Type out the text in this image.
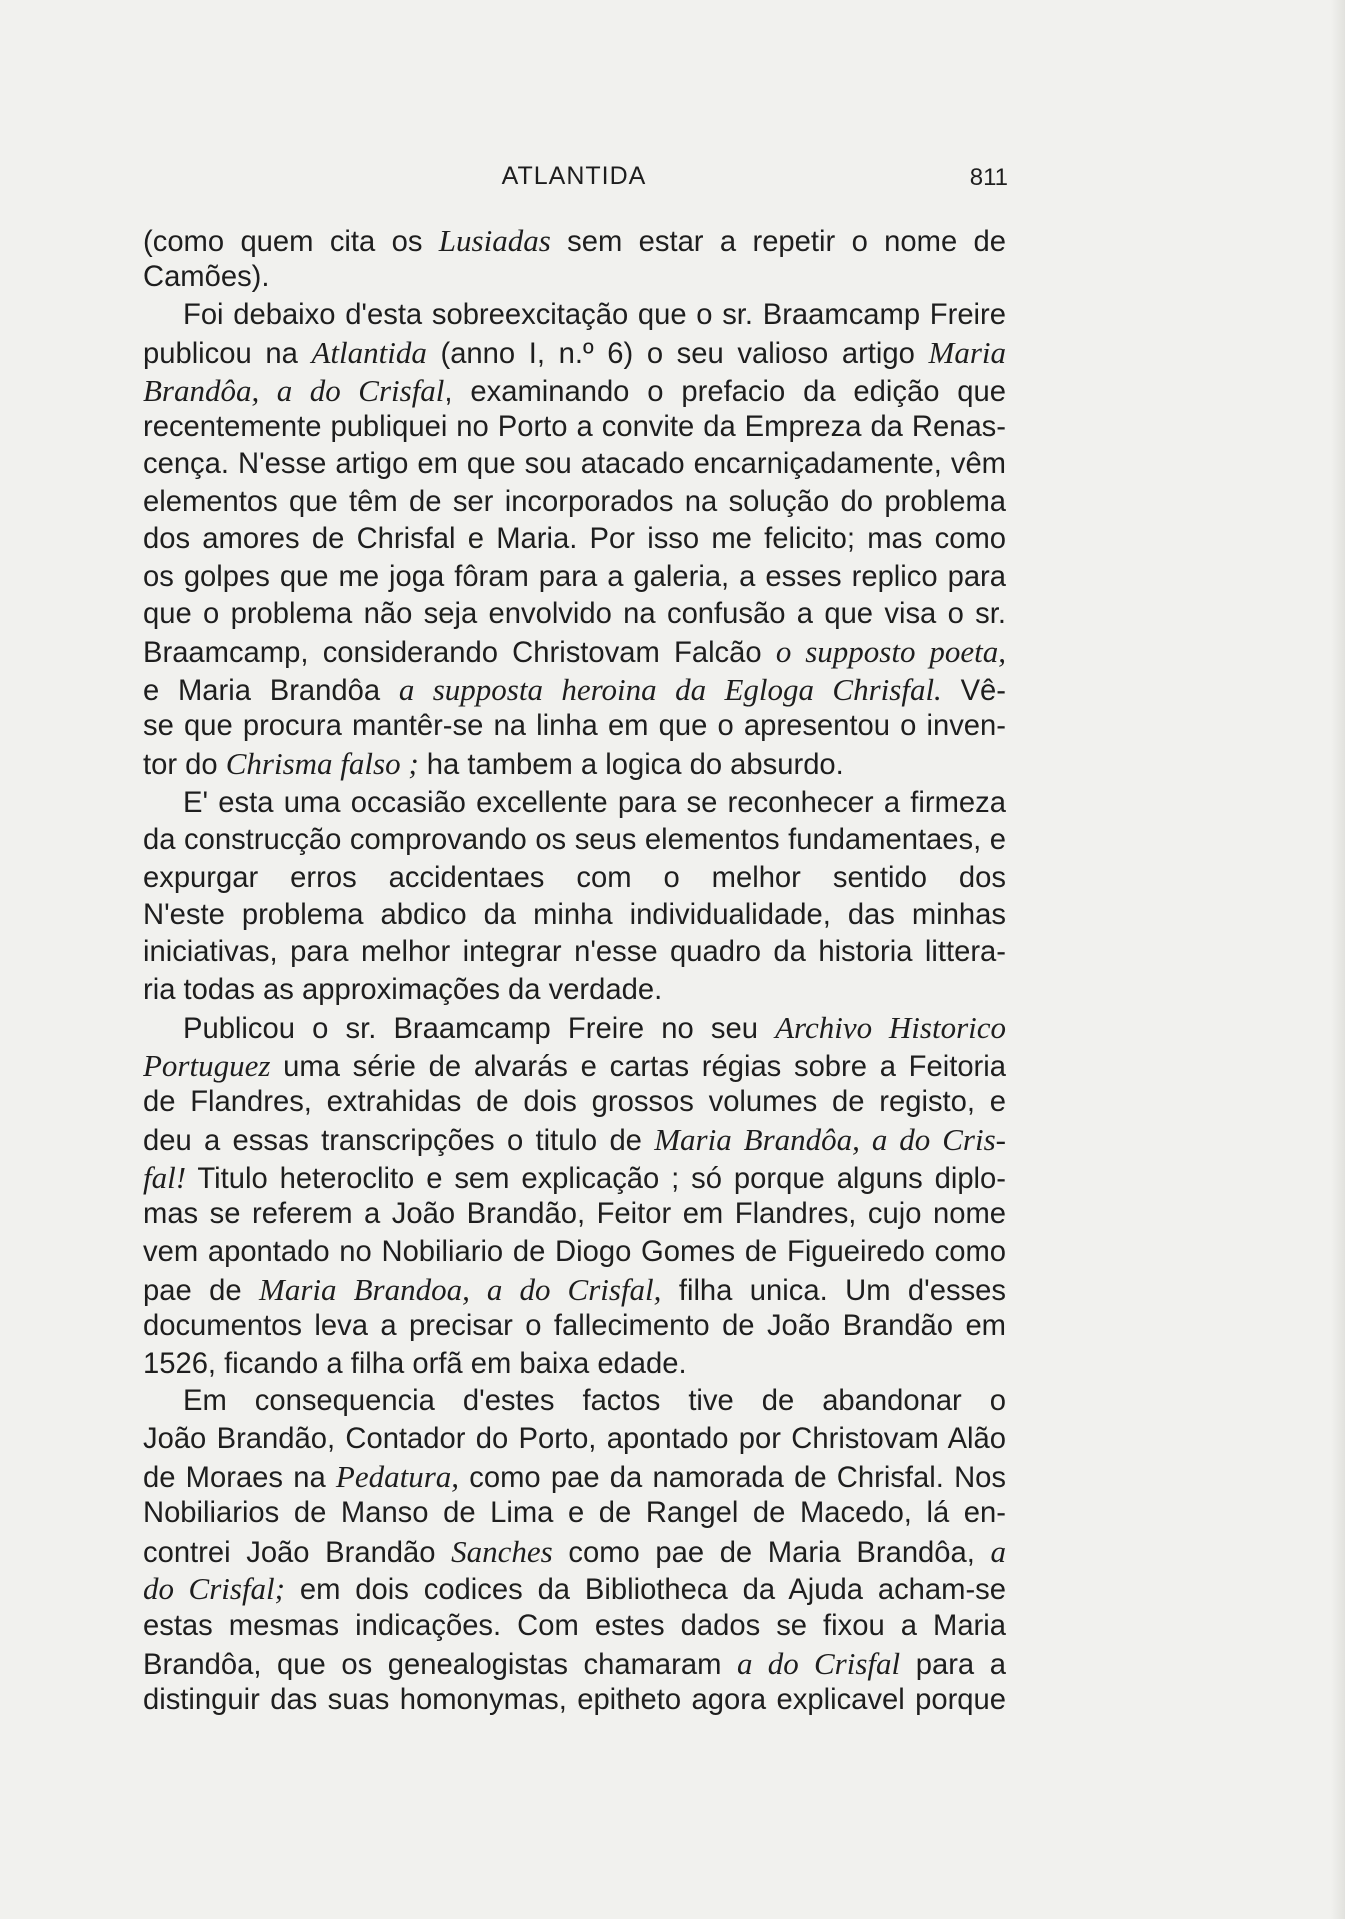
ATLANTIDA	811
(como quem cita os Lusiadas sem estar a repetir o nome de
Camões).
Foi debaixo d'esta sobreexcitação que o sr. Braamcamp Freire
publicou na Atlantida (anno I, n.º 6) o seu valioso artigo Maria
Brandôa, a do Crisfal, examinando o prefacio da edição que
recentemente publiquei no Porto a convite da Empreza da Renas-
cença. N'esse artigo em que sou atacado encarniçadamente, vêm
elementos que têm de ser incorporados na solução do problema
dos amores de Chrisfal e Maria. Por isso me felicito; mas como
os golpes que me joga fôram para a galeria, a esses replico para
que o problema não seja envolvido na confusão a que visa o sr.
Braamcamp, considerando Christovam Falcão o supposto poeta,
e Maria Brandôa a supposta heroina da Egloga Chrisfal. Vê-
se que procura mantêr-se na linha em que o apresentou o inven-
tor do Chrisma falso ; ha tambem a logica do absurdo.
E' esta uma occasião excellente para se reconhecer a firmeza
da construcção comprovando os seus elementos fundamentaes, e
expurgar erros accidentaes com o melhor sentido dos
N'este problema abdico da minha individualidade, das minhas
iniciativas, para melhor integrar n'esse quadro da historia littera-
ria todas as approximações da verdade.
Publicou o sr. Braamcamp Freire no seu Archivo Historico
Portuguez uma série de alvarás e cartas régias sobre a Feitoria
de Flandres, extrahidas de dois grossos volumes de registo, e
deu a essas transcripções o titulo de Maria Brandôa, a do Cris-
fal! Titulo heteroclito e sem explicação ; só porque alguns diplo-
mas se referem a João Brandão, Feitor em Flandres, cujo nome
vem apontado no Nobiliario de Diogo Gomes de Figueiredo como
pae de Maria Brandoa, a do Crisfal, filha unica. Um d'esses
documentos leva a precisar o fallecimento de João Brandão em
1526, ficando a filha orfã em baixa edade.
Em consequencia d'estes factos tive de abandonar o
João Brandão, Contador do Porto, apontado por Christovam Alão
de Moraes na Pedatura, como pae da namorada de Chrisfal. Nos
Nobiliarios de Manso de Lima e de Rangel de Macedo, lá en-
contrei João Brandão Sanches como pae de Maria Brandôa, a
do Crisfal; em dois codices da Bibliotheca da Ajuda acham-se
estas mesmas indicações. Com estes dados se fixou a Maria
Brandôa, que os genealogistas chamaram a do Crisfal para a
distinguir das suas homonymas, epitheto agora explicavel porque
